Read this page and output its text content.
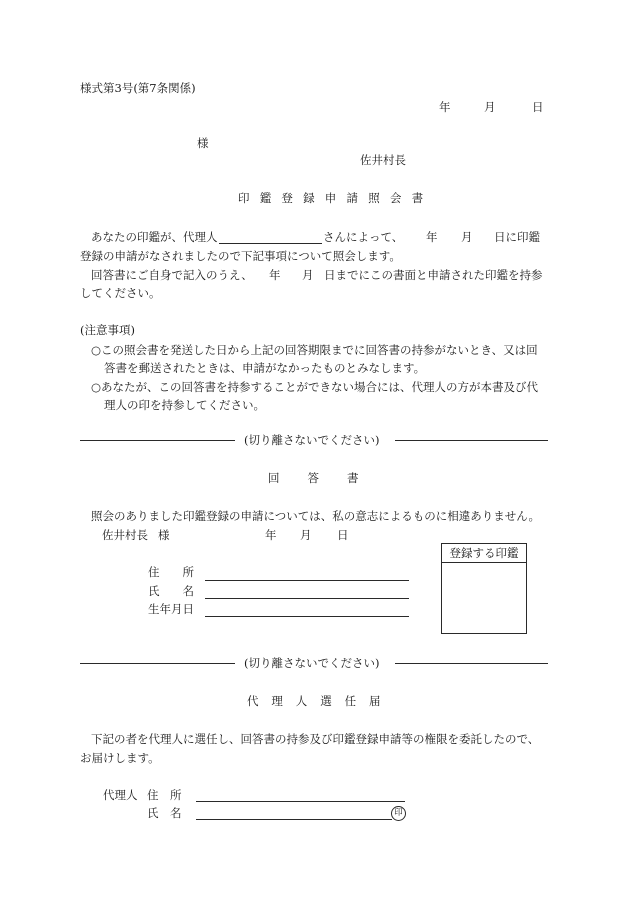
様式第3号(第7条関係)
年	月	日
様
佐井村長
印鑑登録申請照会書
あなたの印鑑が、代理人	さんによって、 年 月 日に印鑑
登録の申請がなされましたので下記事項について照会します。
回答書にご自身で記入のうえ、 年 月 日までにこの書面と申請された印鑑を持参
してください。
(注意事項)
○この照会書を発送した日から上記の回答期限までに回答書の持参がないとき、又は回
答書を郵送されたときは、申請がなかったものとみなします。
○あなたが、この回答書を持参することができない場合には、代理人の方が本書及び代
理人の印を持参してください。
(切り離さないでください)
回答書
照会のありました印鑑登録の申請については、私の意志によるものに相違ありません。
佐井村長 様	年 月 日
登録する印鑑
住　　所
氏　　名
生年月日
(切り離さないでください)
代理人選任届
下記の者を代理人に選任し、回答書の持参及び印鑑登録申請等の権限を委託したので、
お届けします。
代理人 住　所
氏　名	印
